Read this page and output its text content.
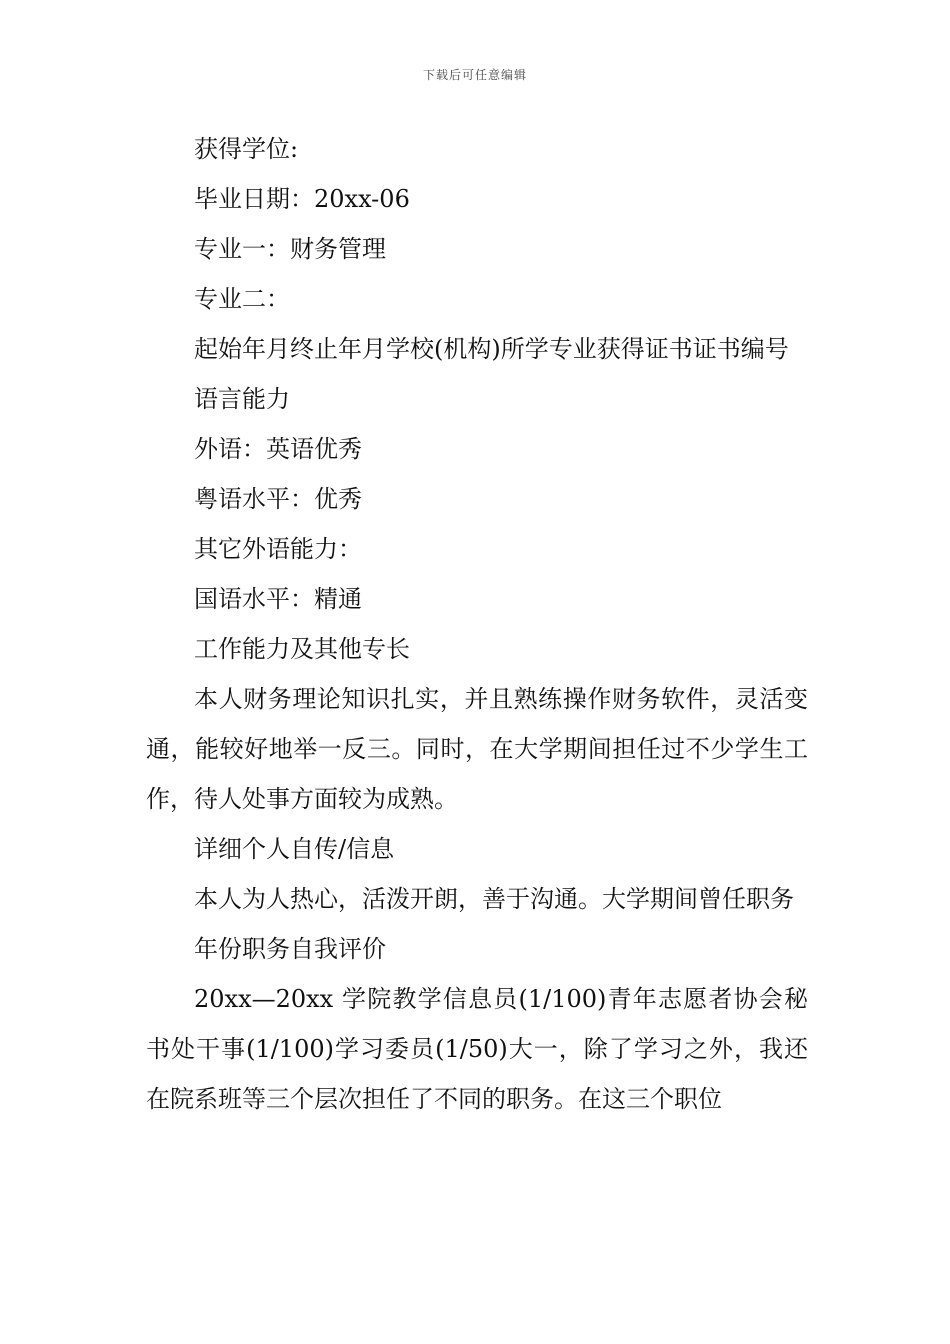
下载后可任意编辑

获得学位:

毕业日期：20xx-06

专业一：财务管理

专业二：

起始年月终止年月学校(机构)所学专业获得证书证书编号

语言能力

外语：英语优秀

粤语水平：优秀

其它外语能力：

国语水平：精通

工作能力及其他专长

本人财务理论知识扎实，并且熟练操作财务软件，灵活变通，能较好地举一反三。同时，在大学期间担任过不少学生工作，待人处事方面较为成熟。

详细个人自传/信息

本人为人热心，活泼开朗，善于沟通。大学期间曾任职务

年份职务自我评价

20xx—20xx 学院教学信息员(1/100)青年志愿者协会秘书处干事(1/100)学习委员(1/50)大一，除了学习之外，我还在院系班等三个层次担任了不同的职务。在这三个职位
